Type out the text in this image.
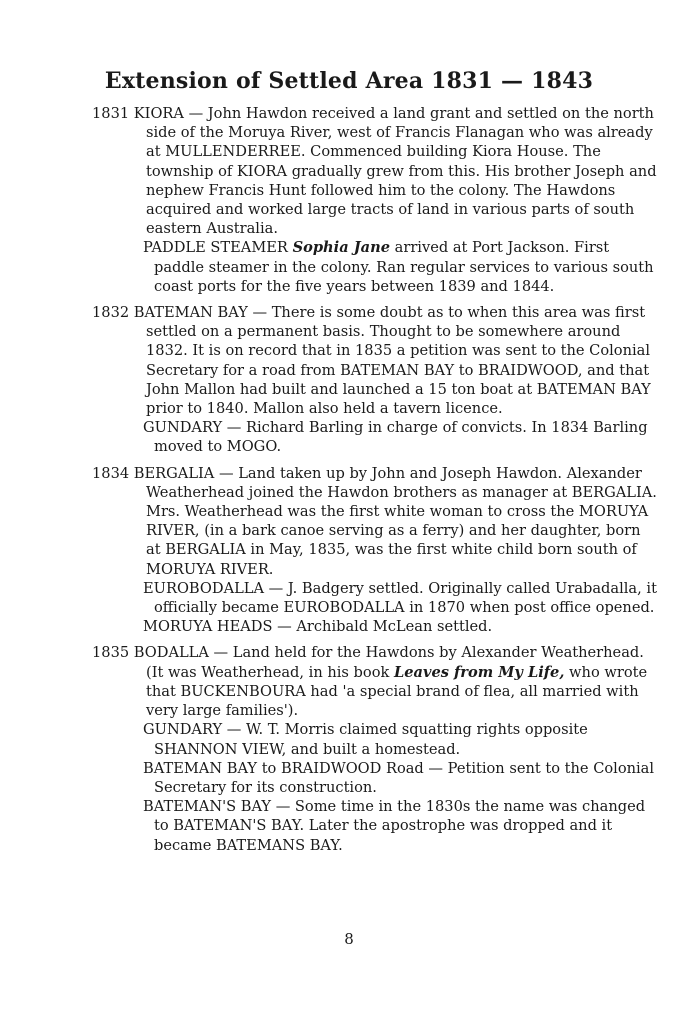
Extension of Settled Area 1831 — 1843

1831 KIORA — John Hawdon received a land grant and settled on the north side of the Moruya River, west of Francis Flanagan who was already at MULLENDERREE. Commenced building Kiora House. The township of KIORA gradually grew from this. His brother Joseph and nephew Francis Hunt followed him to the colony. The Hawdons acquired and worked large tracts of land in various parts of south eastern Australia.

PADDLE STEAMER Sophia Jane arrived at Port Jackson. First paddle steamer in the colony. Ran regular services to various south coast ports for the five years between 1839 and 1844.

1832 BATEMAN BAY — There is some doubt as to when this area was first settled on a permanent basis. Thought to be somewhere around 1832. It is on record that in 1835 a petition was sent to the Colonial Secretary for a road from BATEMAN BAY to BRAIDWOOD, and that John Mallon had built and launched a 15 ton boat at BATEMAN BAY prior to 1840. Mallon also held a tavern licence.

GUNDARY — Richard Barling in charge of convicts. In 1834 Barling moved to MOGO.

1834 BERGALIA — Land taken up by John and Joseph Hawdon. Alexander Weatherhead joined the Hawdon brothers as manager at BERGALIA. Mrs. Weatherhead was the first white woman to cross the MORUYA RIVER, (in a bark canoe serving as a ferry) and her daughter, born at BERGALIA in May, 1835, was the first white child born south of MORUYA RIVER.

EUROBODALLA — J. Badgery settled. Originally called Urabadalla, it officially became EUROBODALLA in 1870 when post office opened.

MORUYA HEADS — Archibald McLean settled.

1835 BODALLA — Land held for the Hawdons by Alexander Weatherhead. (It was Weatherhead, in his book Leaves from My Life, who wrote that BUCKENBOURA had 'a special brand of flea, all married with very large families').

GUNDARY — W. T. Morris claimed squatting rights opposite SHANNON VIEW, and built a homestead.

BATEMAN BAY to BRAIDWOOD Road — Petition sent to the Colonial Secretary for its construction.

BATEMAN'S BAY — Some time in the 1830s the name was changed to BATEMAN'S BAY. Later the apostrophe was dropped and it became BATEMANS BAY.

8
